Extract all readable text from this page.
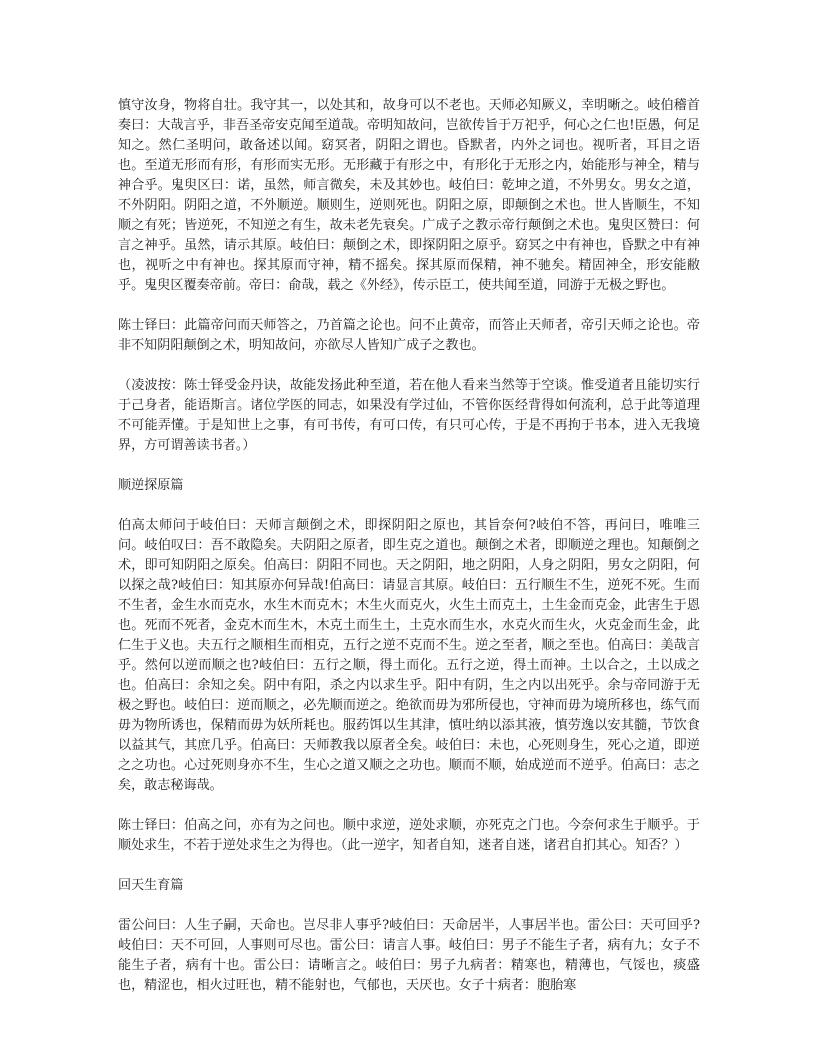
慎守汝身，物将自壮。我守其一，以处其和，故身可以不老也。天师必知厥义，幸明晰之。岐伯稽首奏曰：大哉言乎，非吾圣帝安克闻至道哉。帝明知故问，岂欲传旨于万祀乎，何心之仁也!臣愚，何足知之。然仁圣明问，敢备述以闻。窈冥者，阴阳之谓也。昏默者，内外之词也。视听者，耳目之语也。至道无形而有形，有形而实无形。无形藏于有形之中，有形化于无形之内，始能形与神全，精与神合乎。鬼臾区曰：诺，虽然，师言微矣，未及其妙也。岐伯曰：乾坤之道，不外男女。男女之道，不外阴阳。阴阳之道，不外顺逆。顺则生，逆则死也。阴阳之原，即颠倒之术也。世人皆顺生，不知顺之有死；皆逆死，不知逆之有生，故未老先衰矣。广成子之教示帝行颠倒之术也。鬼臾区赞曰：何言之神乎。虽然，请示其原。岐伯曰：颠倒之术，即探阴阳之原乎。窈冥之中有神也，昏默之中有神也，视听之中有神也。探其原而守神，精不摇矣。探其原而保精，神不驰矣。精固神全，形安能敝乎。鬼臾区覆奏帝前。帝曰：俞哉，载之《外经》，传示臣工，使共闻至道，同游于无极之野也。

陈士铎曰：此篇帝问而天师答之，乃首篇之论也。问不止黄帝，而答止天师者，帝引天师之论也。帝非不知阴阳颠倒之术，明知故问，亦欲尽人皆知广成子之教也。

（凌波按：陈士铎受金丹诀，故能发扬此种至道，若在他人看来当然等于空谈。惟受道者且能切实行于己身者，能语斯言。诸位学医的同志，如果没有学过仙，不管你医经背得如何流利，总于此等道理不可能弄懂。于是知世上之事，有可书传，有可口传，有只可心传，于是不再拘于书本，进入无我境界，方可谓善读书者。）

顺逆探原篇

伯高太师问于岐伯曰：天师言颠倒之术，即探阴阳之原也，其旨奈何?岐伯不答，再问曰，唯唯三问。岐伯叹曰：吾不敢隐矣。夫阴阳之原者，即生克之道也。颠倒之术者，即顺逆之理也。知颠倒之术，即可知阴阳之原矣。伯高曰：阴阳不同也。天之阴阳，地之阴阳，人身之阴阳，男女之阴阳，何以探之哉?岐伯曰：知其原亦何异哉!伯高曰：请显言其原。岐伯曰：五行顺生不生，逆死不死。生而不生者，金生水而克水，水生木而克木；木生火而克火，火生土而克土，土生金而克金，此害生于恩也。死而不死者，金克木而生木，木克土而生土，土克水而生水，水克火而生火，火克金而生金，此仁生于义也。夫五行之顺相生而相克，五行之逆不克而不生。逆之至者，顺之至也。伯高曰：美哉言乎。然何以逆而顺之也?岐伯曰：五行之顺，得土而化。五行之逆，得土而神。土以合之，土以成之也。伯高曰：余知之矣。阴中有阳，杀之内以求生乎。阳中有阴，生之内以出死乎。余与帝同游于无极之野也。岐伯曰：逆而顺之，必先顺而逆之。绝欲而毋为邪所侵也，守神而毋为境所移也，练气而毋为物所诱也，保精而毋为妖所耗也。服药饵以生其津，慎吐纳以添其液，慎劳逸以安其髓，节饮食以益其气，其庶几乎。伯高曰：天师教我以原者全矣。岐伯曰：未也，心死则身生，死心之道，即逆之之功也。心过死则身亦不生，生心之道又顺之之功也。顺而不顺，始成逆而不逆乎。伯高曰：志之矣，敢志秘诲哉。

陈士铎曰：伯高之问，亦有为之问也。顺中求逆，逆处求顺，亦死克之门也。今奈何求生于顺乎。于顺处求生，不若于逆处求生之为得也。（此一逆字，知者自知，迷者自迷，诸君自扪其心。知否？）

回天生育篇

雷公问曰：人生子嗣，天命也。岂尽非人事乎?岐伯曰：天命居半，人事居半也。雷公曰：天可回乎?岐伯曰：天不可回，人事则可尽也。雷公曰：请言人事。岐伯曰：男子不能生子者，病有九；女子不能生子者，病有十也。雷公曰：请晰言之。岐伯曰：男子九病者：精寒也，精薄也，气馁也，痰盛也，精涩也，相火过旺也，精不能射也，气郁也，天厌也。女子十病者：胞胎寒
